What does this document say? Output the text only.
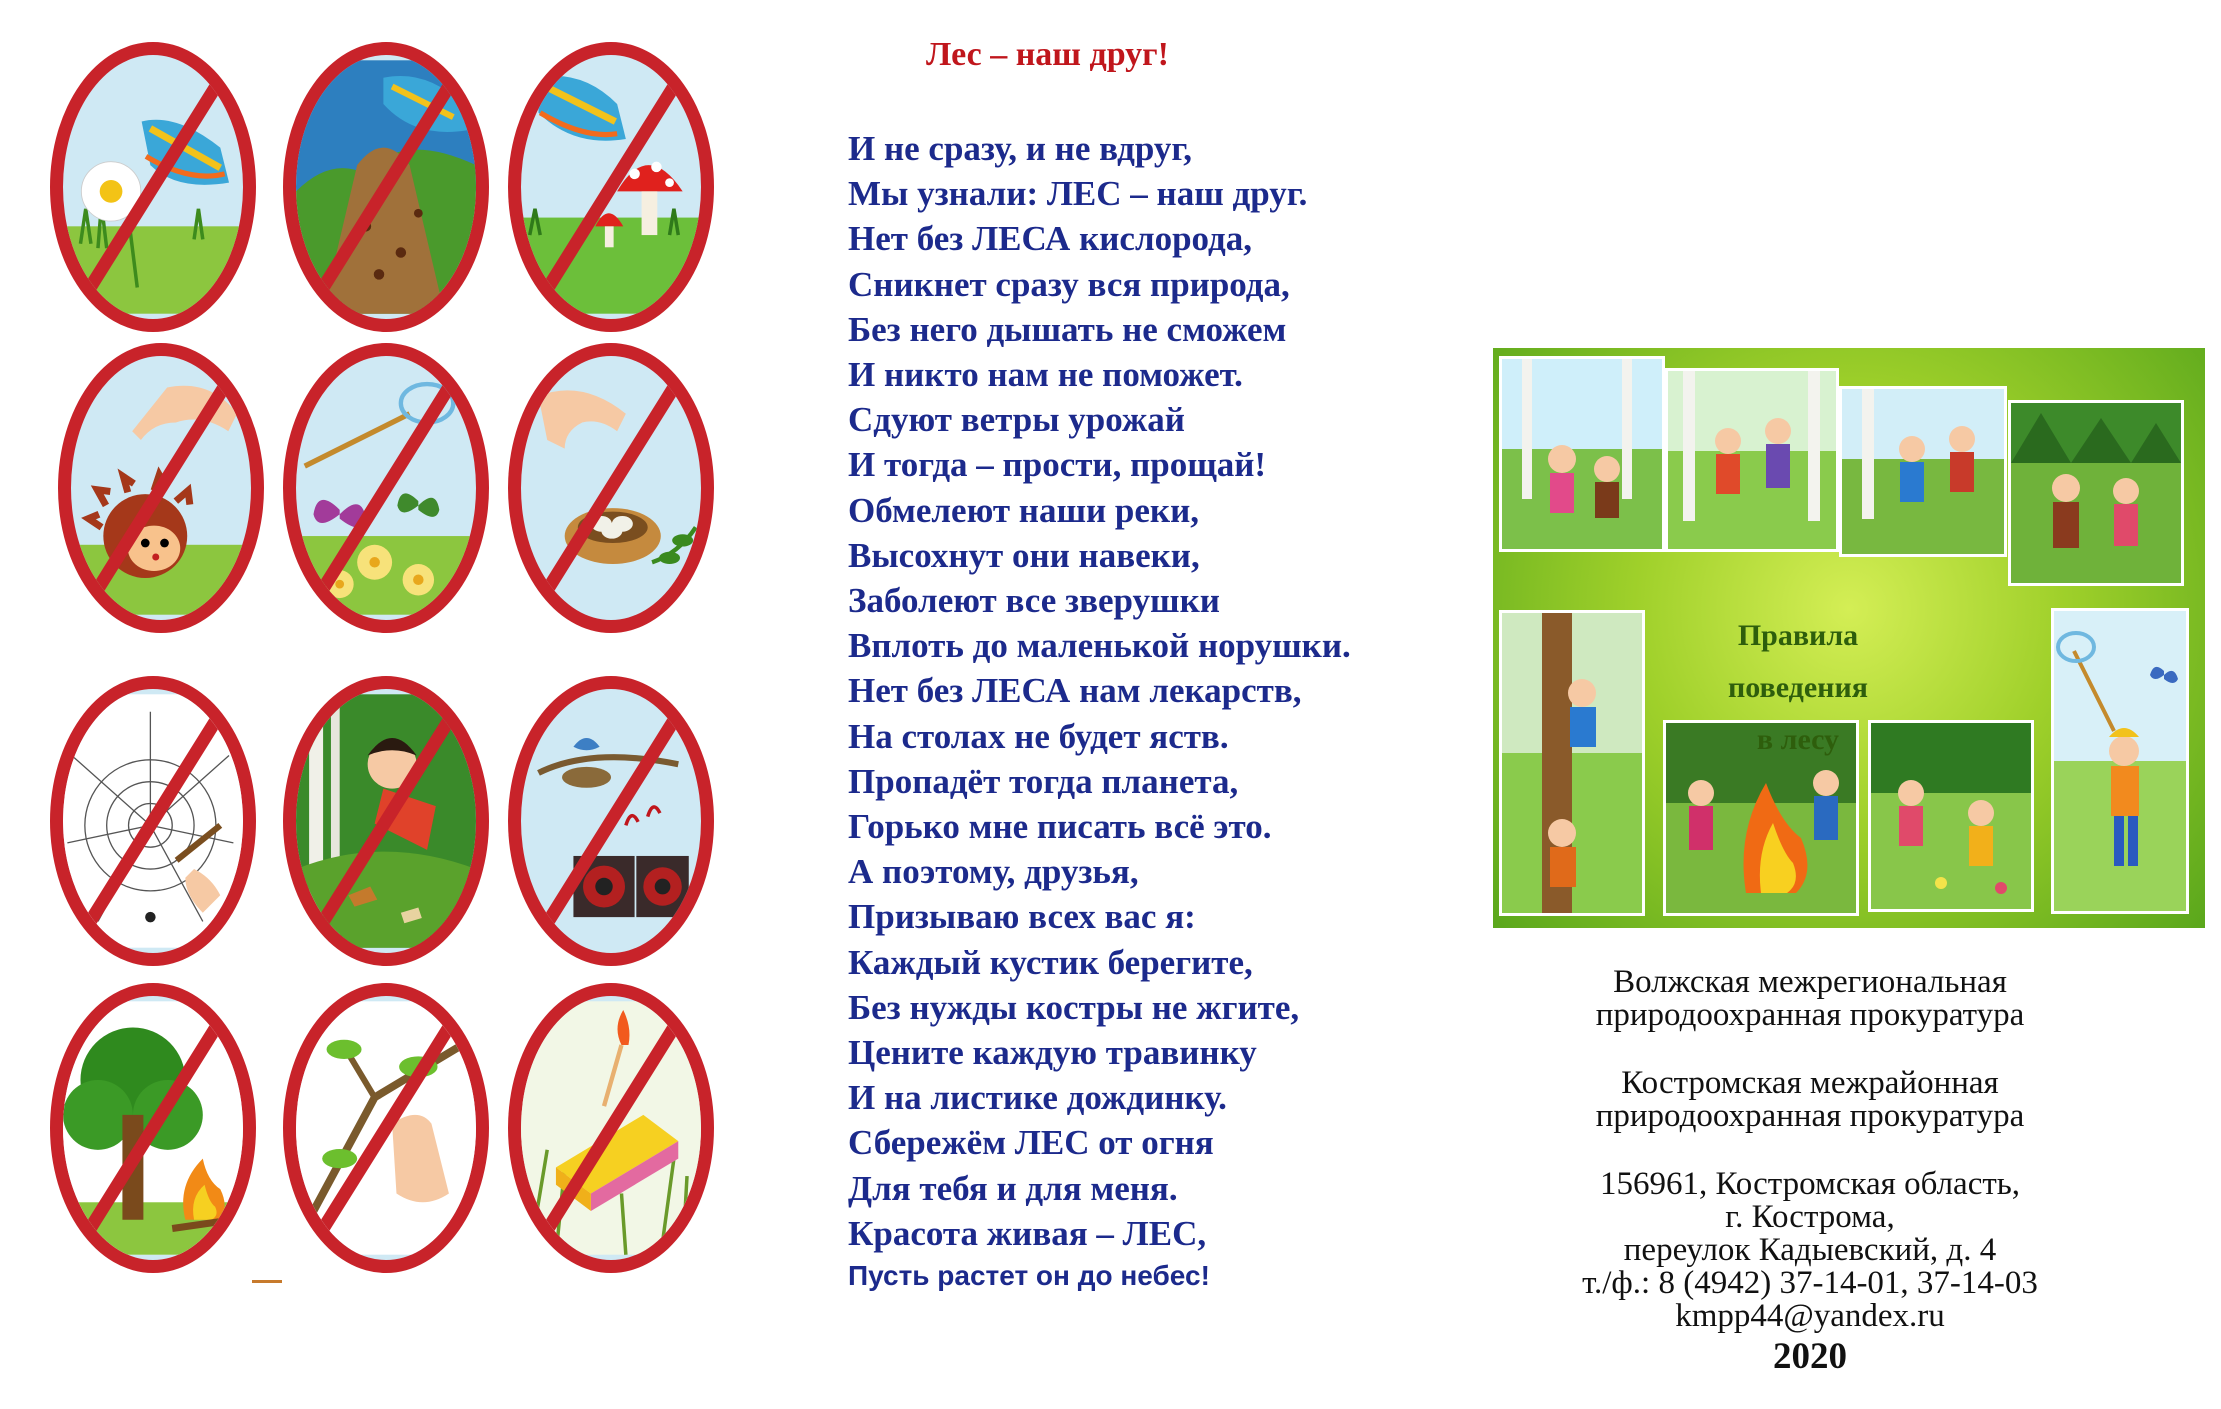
Лес – наш друг!
И не сразу, и не вдруг,
Мы узнали: ЛЕС – наш друг.
Нет без ЛЕСА кислорода,
Сникнет сразу вся природа,
Без него дышать не сможем
И никто нам не поможет.
Сдуют ветры урожай
И тогда – прости, прощай!
Обмелеют наши реки,
Высохнут они навеки,
Заболеют все зверушки
Вплоть до маленькой норушки.
Нет без ЛЕСА нам лекарств,
На столах не будет яств.
Пропадёт тогда планета,
Горько мне писать всё это.
А поэтому, друзья,
Призываю всех вас я:
Каждый кустик берегите,
Без нужды костры не жгите,
Цените каждую травинку
И на листике дождинку.
Сбережём ЛЕС от огня
Для тебя и для меня.
Красота живая – ЛЕС,
Пусть растет он до небес!
Правила поведения
в лесу
Волжская межрегиональная
природоохранная прокуратура
Костромская межрайонная
природоохранная прокуратура
156961, Костромская область,
г. Кострома,
переулок Кадыевский, д. 4
т./ф.: 8 (4942) 37-14-01, 37-14-03
kmpp44@yandex.ru
2020
